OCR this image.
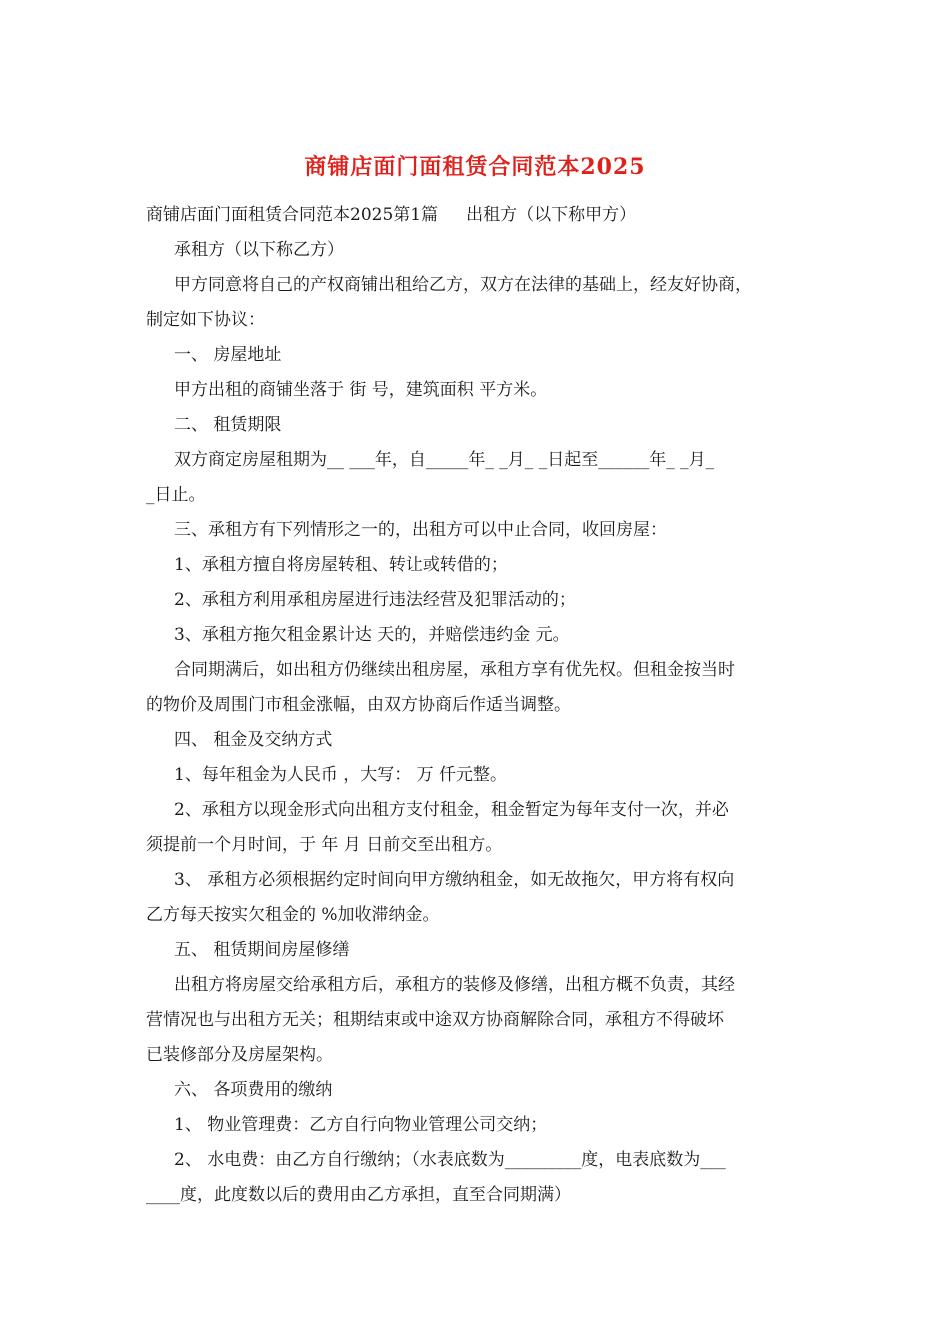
商铺店面门面租赁合同范本2025

商铺店面门面租赁合同范本2025第1篇 出租方（以下称甲方）

承租方（以下称乙方）

甲方同意将自己的产权商铺出租给乙方，双方在法律的基础上，经友好协商，

制定如下协议：

一、 房屋地址

甲方出租的商铺坐落于 街 号，建筑面积 平方米。

二、 租赁期限

双方商定房屋租期为__ ___年，自_____年_ _月_ _日起至______年_ _月_

_日止。

三、承租方有下列情形之一的，出租方可以中止合同，收回房屋：

1、承租方擅自将房屋转租、转让或转借的；

2、承租方利用承租房屋进行违法经营及犯罪活动的；

3、承租方拖欠租金累计达 天的，并赔偿违约金 元。

合同期满后，如出租方仍继续出租房屋，承租方享有优先权。但租金按当时

的物价及周围门市租金涨幅，由双方协商后作适当调整。

四、 租金及交纳方式

1、每年租金为人民币 ，大写： 万 仟元整。

2、承租方以现金形式向出租方支付租金，租金暂定为每年支付一次，并必

须提前一个月时间，于 年 月 日前交至出租方。

3、 承租方必须根据约定时间向甲方缴纳租金，如无故拖欠，甲方将有权向

乙方每天按实欠租金的 %加收滞纳金。

五、 租赁期间房屋修缮

出租方将房屋交给承租方后，承租方的装修及修缮，出租方概不负责，其经

营情况也与出租方无关；租期结束或中途双方协商解除合同，承租方不得破坏

已装修部分及房屋架构。

六、 各项费用的缴纳

1、 物业管理费：乙方自行向物业管理公司交纳；

2、 水电费：由乙方自行缴纳；（水表底数为_________度，电表底数为___

____度，此度数以后的费用由乙方承担，直至合同期满）
